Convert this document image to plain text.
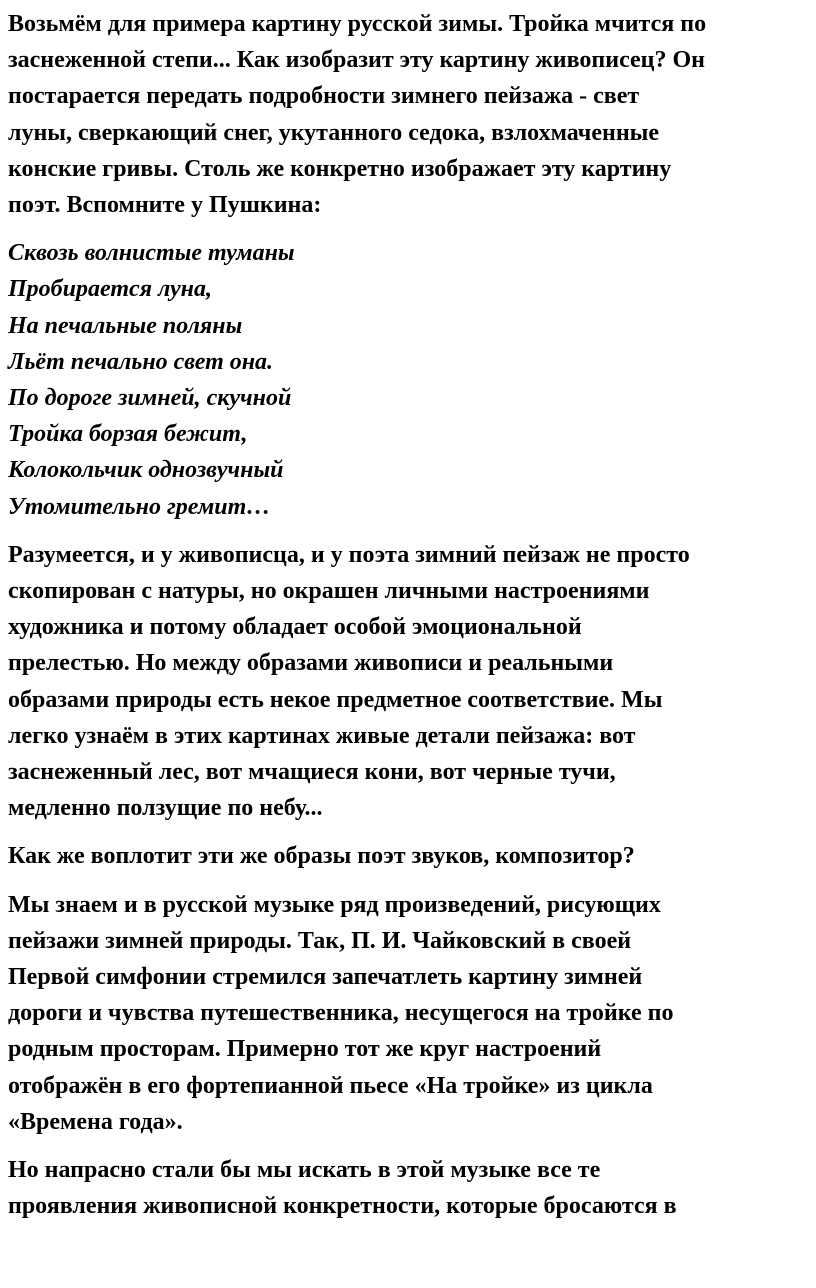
Возьмём для примера картину русской зимы. Тройка мчится по
заснеженной степи... Как изобразит эту картину живописец? Он
постарается передать подробности зимнего пейзажа - свет
луны, сверкающий снег, укутанного седока, взлохмаченные
конские гривы. Столь же конкретно изображает эту картину
поэт. Вспомните у Пушкина:

Сквозь волнистые туманы
Пробирается луна,
На печальные поляны
Льёт печально свет она.
По дороге зимней, скучной
Тройка борзая бежит,
Колокольчик однозвучный
Утомительно гремит…

Разумеется, и у живописца, и у поэта зимний пейзаж не просто
скопирован с натуры, но окрашен личными настроениями
художника и потому обладает особой эмоциональной
прелестью. Но между образами живописи и реальными
образами природы есть некое предметное соответствие. Мы
легко узнаём в этих картинах живые детали пейзажа: вот
заснеженный лес, вот мчащиеся кони, вот черные тучи,
медленно ползущие по небу...

Как же воплотит эти же образы поэт звуков, композитор?

Мы знаем и в русской музыке ряд произведений, рисующих
пейзажи зимней природы. Так, П. И. Чайковский в своей
Первой симфонии стремился запечатлеть картину зимней
дороги и чувства путешественника, несущегося на тройке по
родным просторам. Примерно тот же круг настроений
отображён в его фортепианной пьесе «На тройке» из цикла
«Времена года».

Но напрасно стали бы мы искать в этой музыке все те
проявления живописной конкретности, которые бросаются в
